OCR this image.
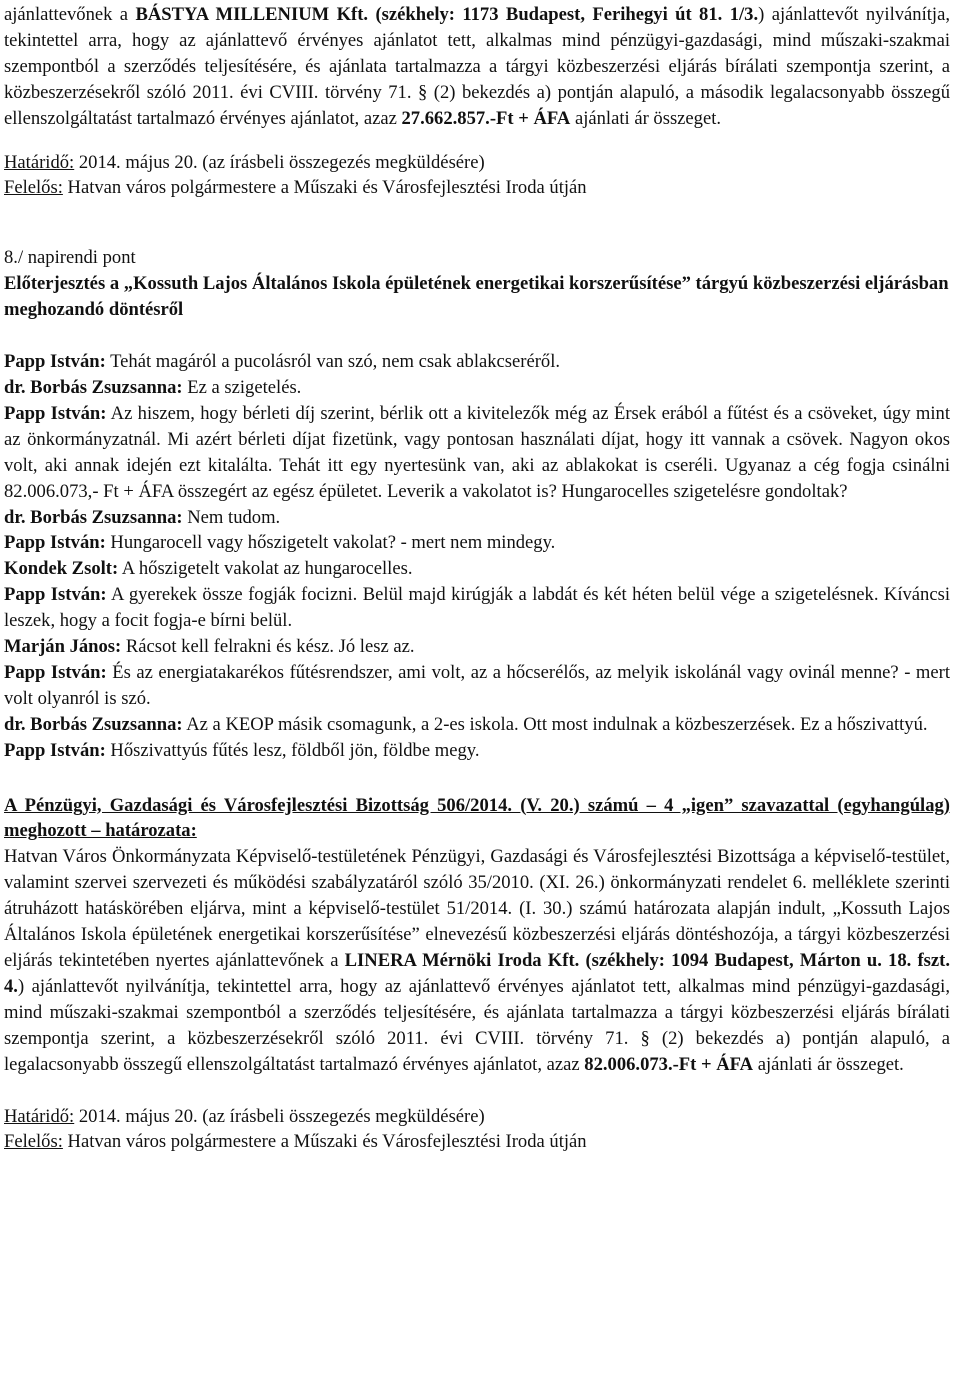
ajánlattevőnek a BÁSTYA MILLENIUM Kft. (székhely: 1173 Budapest, Ferihegyi út 81. 1/3.) ajánlattevőt nyilvánítja, tekintettel arra, hogy az ajánlattevő érvényes ajánlatot tett, alkalmas mind pénzügyi-gazdasági, mind műszaki-szakmai szempontból a szerződés teljesítésére, és ajánlata tartalmazza a tárgyi közbeszerzési eljárás bírálati szempontja szerint, a közbeszerzésekről szóló 2011. évi CVIII. törvény 71. § (2) bekezdés a) pontján alapuló, a második legalacsonyabb összegű ellenszolgáltatást tartalmazó érvényes ajánlatot, azaz 27.662.857.-Ft + ÁFA ajánlati ár összeget.

Határidő: 2014. május 20. (az írásbeli összegezés megküldésére)

Felelős: Hatvan város polgármestere a Műszaki és Városfejlesztési Iroda útján

8./ napirendi pont

Előterjesztés a „Kossuth Lajos Általános Iskola épületének energetikai korszerűsítése” tárgyú közbeszerzési eljárásban meghozandó döntésről

Papp István: Tehát magáról a pucolásról van szó, nem csak ablakcseréről.

dr. Borbás Zsuzsanna: Ez a szigetelés.

Papp István: Az hiszem, hogy bérleti díj szerint, bérlik ott a kivitelezők még az Érsek erából a fűtést és a csöveket, úgy mint az önkormányzatnál. Mi azért bérleti díjat fizetünk, vagy pontosan használati díjat, hogy itt vannak a csövek. Nagyon okos volt, aki annak idején ezt kitalálta. Tehát itt egy nyertesünk van, aki az ablakokat is cseréli. Ugyanaz a cég fogja csinálni 82.006.073,- Ft + ÁFA összegért az egész épületet. Leverik a vakolatot is? Hungarocelles szigetelésre gondoltak?

dr. Borbás Zsuzsanna: Nem tudom.

Papp István: Hungarocell vagy hőszigetelt vakolat? - mert nem mindegy.

Kondek Zsolt: A hőszigetelt vakolat az hungarocelles.

Papp István: A gyerekek össze fogják focizni. Belül majd kirúgják a labdát és két héten belül vége a szigetelésnek. Kíváncsi leszek, hogy a focit fogja-e bírni belül.

Marján János: Rácsot kell felrakni és kész. Jó lesz az.

Papp István: És az energiatakarékos fűtésrendszer, ami volt, az a hőcserélős, az melyik iskolánál vagy ovinál menne? - mert volt olyanról is szó.

dr. Borbás Zsuzsanna: Az a KEOP másik csomagunk, a 2-es iskola. Ott most indulnak a közbeszerzések. Ez a hőszivattyú.

Papp István: Hőszivattyús fűtés lesz, földből jön, földbe megy.

A Pénzügyi, Gazdasági és Városfejlesztési Bizottság 506/2014. (V. 20.) számú – 4 „igen” szavazattal (egyhangúlag) meghozott – határozata:

Hatvan Város Önkormányzata Képviselő-testületének Pénzügyi, Gazdasági és Városfejlesztési Bizottsága a képviselő-testület, valamint szervei szervezeti és működési szabályzatáról szóló 35/2010. (XI. 26.) önkormányzati rendelet 6. melléklete szerinti átruházott hatáskörében eljárva, mint a képviselő-testület 51/2014. (I. 30.) számú határozata alapján indult, „Kossuth Lajos Általános Iskola épületének energetikai korszerűsítése” elnevezésű közbeszerzési eljárás döntéshozója, a tárgyi közbeszerzési eljárás tekintetében nyertes ajánlattevőnek a LINERA Mérnöki Iroda Kft. (székhely: 1094 Budapest, Márton u. 18. fszt. 4.) ajánlattevőt nyilvánítja, tekintettel arra, hogy az ajánlattevő érvényes ajánlatot tett, alkalmas mind pénzügyi-gazdasági, mind műszaki-szakmai szempontból a szerződés teljesítésére, és ajánlata tartalmazza a tárgyi közbeszerzési eljárás bírálati szempontja szerint, a közbeszerzésekről szóló 2011. évi CVIII. törvény 71. § (2) bekezdés a) pontján alapuló, a legalacsonyabb összegű ellenszolgáltatást tartalmazó érvényes ajánlatot, azaz 82.006.073.-Ft + ÁFA ajánlati ár összeget.

Határidő: 2014. május 20. (az írásbeli összegezés megküldésére)

Felelős: Hatvan város polgármestere a Műszaki és Városfejlesztési Iroda útján
